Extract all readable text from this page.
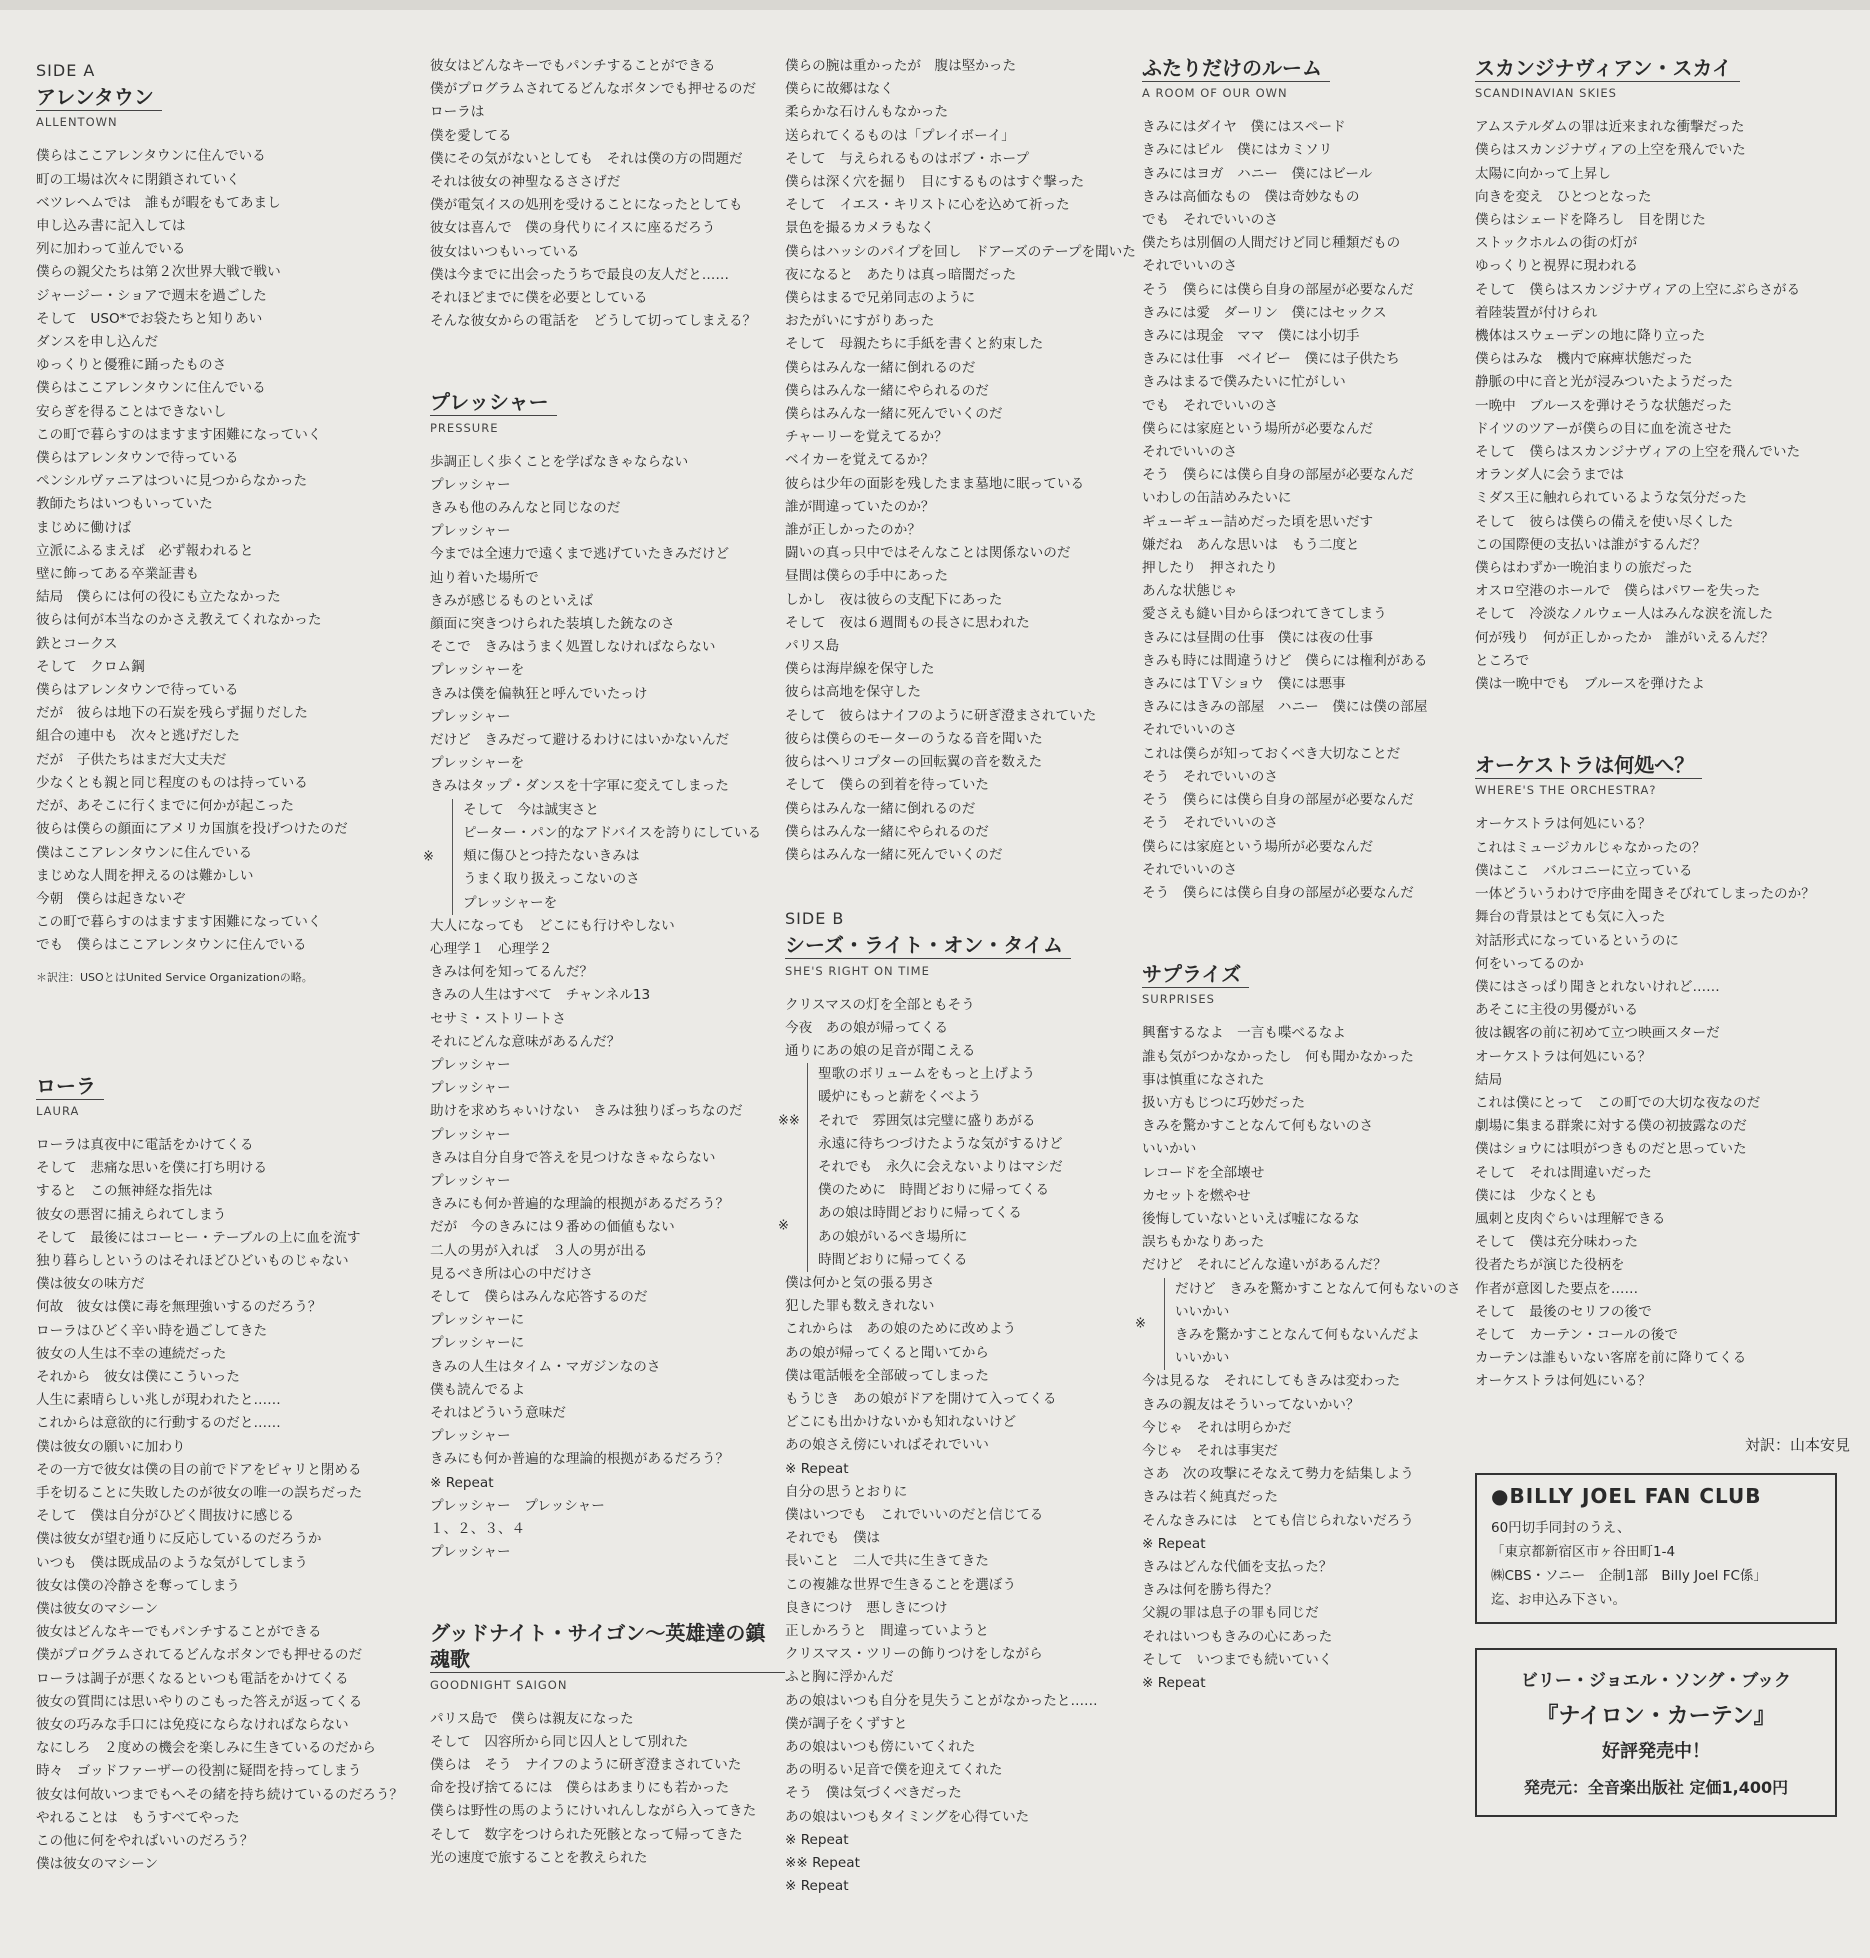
SIDE A
アレンタウン
ALLENTOWN
僕らはここアレンタウンに住んでいる
町の工場は次々に閉鎖されていく
ベツレヘムでは　誰もが暇をもてあまし
申し込み書に記入しては
列に加わって並んでいる
僕らの親父たちは第２次世界大戦で戦い
ジャージー・ショアで週末を過ごした
そして　USO*でお袋たちと知りあい
ダンスを申し込んだ
ゆっくりと優雅に踊ったものさ
僕らはここアレンタウンに住んでいる
安らぎを得ることはできないし
この町で暮らすのはますます困難になっていく
僕らはアレンタウンで待っている
ペンシルヴァニアはついに見つからなかった
教師たちはいつもいっていた
まじめに働けば
立派にふるまえば　必ず報われると
壁に飾ってある卒業証書も
結局　僕らには何の役にも立たなかった
彼らは何が本当なのかさえ教えてくれなかった
鉄とコークス
そして　クロム鋼
僕らはアレンタウンで待っている
だが　彼らは地下の石炭を残らず掘りだした
組合の連中も　次々と逃げだした
だが　子供たちはまだ大丈夫だ
少なくとも親と同じ程度のものは持っている
だが、あそこに行くまでに何かが起こった
彼らは僕らの顔面にアメリカ国旗を投げつけたのだ
僕はここアレンタウンに住んでいる
まじめな人間を押えるのは難かしい
今朝　僕らは起きないぞ
この町で暮らすのはますます困難になっていく
でも　僕らはここアレンタウンに住んでいる
＊訳注：USOとはUnited Service Organizationの略。
ローラ
LAURA
ローラは真夜中に電話をかけてくる
そして　悲痛な思いを僕に打ち明ける
すると　この無神経な指先は
彼女の悪習に捕えられてしまう
そして　最後にはコーヒー・テーブルの上に血を流す
独り暮らしというのはそれほどひどいものじゃない
僕は彼女の味方だ
何故　彼女は僕に毒を無理強いするのだろう？
ローラはひどく辛い時を過ごしてきた
彼女の人生は不幸の連続だった
それから　彼女は僕にこういった
人生に素晴らしい兆しが現われたと……
これからは意欲的に行動するのだと……
僕は彼女の願いに加わり
その一方で彼女は僕の目の前でドアをピャリと閉める
手を切ることに失敗したのが彼女の唯一の誤ちだった
そして　僕は自分がひどく間抜けに感じる
僕は彼女が望む通りに反応しているのだろうか
いつも　僕は既成品のような気がしてしまう
彼女は僕の冷静さを奪ってしまう
僕は彼女のマシーン
彼女はどんなキーでもパンチすることができる
僕がプログラムされてるどんなボタンでも押せるのだ
ローラは調子が悪くなるといつも電話をかけてくる
彼女の質問には思いやりのこもった答えが返ってくる
彼女の巧みな手口には免疫にならなければならない
なにしろ　２度めの機会を楽しみに生きているのだから
時々　ゴッドファーザーの役割に疑問を持ってしまう
彼女は何故いつまでもへその緒を持ち続けているのだろう？
やれることは　もうすべてやった
この他に何をやればいいのだろう？
僕は彼女のマシーン
彼女はどんなキーでもパンチすることができる
僕がプログラムされてるどんなボタンでも押せるのだ
ローラは
僕を愛してる
僕にその気がないとしても　それは僕の方の問題だ
それは彼女の神聖なるささげだ
僕が電気イスの処刑を受けることになったとしても
彼女は喜んで　僕の身代りにイスに座るだろう
彼女はいつもいっている
僕は今までに出会ったうちで最良の友人だと……
それほどまでに僕を必要としている
そんな彼女からの電話を　どうして切ってしまえる？
プレッシャー
PRESSURE
歩調正しく歩くことを学ばなきゃならない
プレッシャー
きみも他のみんなと同じなのだ
プレッシャー
今までは全速力で遠くまで逃げていたきみだけど
辿り着いた場所で
きみが感じるものといえば
顔面に突きつけられた装填した銃なのさ
そこで　きみはうまく処置しなければならない
プレッシャーを
きみは僕を偏執狂と呼んでいたっけ
プレッシャー
だけど　きみだって避けるわけにはいかないんだ
プレッシャーを
きみはタップ・ダンスを十字軍に変えてしまった
※
そして　今は誠実さと
ピーター・パン的なアドバイスを誇りにしている
頬に傷ひとつ持たないきみは
うまく取り扱えっこないのさ
プレッシャーを
大人になっても　どこにも行けやしない
心理学１　心理学２
きみは何を知ってるんだ？
きみの人生はすべて　チャンネル13
セサミ・ストリートさ
それにどんな意味があるんだ？
プレッシャー
プレッシャー
助けを求めちゃいけない　きみは独りぼっちなのだ
プレッシャー
きみは自分自身で答えを見つけなきゃならない
プレッシャー
きみにも何か普遍的な理論的根拠があるだろう？
だが　今のきみには９番めの価値もない
二人の男が入れば　３人の男が出る
見るべき所は心の中だけさ
そして　僕らはみんな応答するのだ
プレッシャーに
プレッシャーに
きみの人生はタイム・マガジンなのさ
僕も読んでるよ
それはどういう意味だ
プレッシャー
きみにも何か普遍的な理論的根拠があるだろう？
※ Repeat
プレッシャー　プレッシャー
１、２、３、４
プレッシャー
グッドナイト・サイゴン〜英雄達の鎮魂歌
GOODNIGHT SAIGON
パリス島で　僕らは親友になった
そして　囚容所から同じ囚人として別れた
僕らは　そう　ナイフのように研ぎ澄まされていた
命を投げ捨てるには　僕らはあまりにも若かった
僕らは野性の馬のようにけいれんしながら入ってきた
そして　数字をつけられた死骸となって帰ってきた
光の速度で旅することを教えられた
僕らの腕は重かったが　腹は堅かった
僕らに故郷はなく
柔らかな石けんもなかった
送られてくるものは「プレイボーイ」
そして　与えられるものはボブ・ホープ
僕らは深く穴を掘り　目にするものはすぐ撃った
そして　イエス・キリストに心を込めて祈った
景色を撮るカメラもなく
僕らはハッシのパイプを回し　ドアーズのテープを聞いた
夜になると　あたりは真っ暗闇だった
僕らはまるで兄弟同志のように
おたがいにすがりあった
そして　母親たちに手紙を書くと約束した
僕らはみんな一緒に倒れるのだ
僕らはみんな一緒にやられるのだ
僕らはみんな一緒に死んでいくのだ
チャーリーを覚えてるか？
ベイカーを覚えてるか？
彼らは少年の面影を残したまま墓地に眠っている
誰が間違っていたのか？
誰が正しかったのか？
闘いの真っ只中ではそんなことは関係ないのだ
昼間は僕らの手中にあった
しかし　夜は彼らの支配下にあった
そして　夜は６週間もの長さに思われた
パリス島
僕らは海岸線を保守した
彼らは高地を保守した
そして　彼らはナイフのように研ぎ澄まされていた
彼らは僕らのモーターのうなる音を聞いた
彼らはヘリコプターの回転翼の音を数えた
そして　僕らの到着を待っていた
僕らはみんな一緒に倒れるのだ
僕らはみんな一緒にやられるのだ
僕らはみんな一緒に死んでいくのだ
SIDE B
シーズ・ライト・オン・タイム
SHE'S RIGHT ON TIME
クリスマスの灯を全部ともそう
今夜　あの娘が帰ってくる
通りにあの娘の足音が聞こえる
※※
聖歌のボリュームをもっと上げよう
暖炉にもっと薪をくべよう
それで　雰囲気は完璧に盛りあがる
永遠に待ちつづけたような気がするけど
それでも　永久に会えないよりはマシだ
※
僕のために　時間どおりに帰ってくる
あの娘は時間どおりに帰ってくる
あの娘がいるべき場所に
時間どおりに帰ってくる
僕は何かと気の張る男さ
犯した罪も数えきれない
これからは　あの娘のために改めよう
あの娘が帰ってくると聞いてから
僕は電話帳を全部破ってしまった
もうじき　あの娘がドアを開けて入ってくる
どこにも出かけないかも知れないけど
あの娘さえ傍にいればそれでいい
※ Repeat
自分の思うとおりに
僕はいつでも　これでいいのだと信じてる
それでも　僕は
長いこと　二人で共に生きてきた
この複雑な世界で生きることを選ぼう
良きにつけ　悪しきにつけ
正しかろうと　間違っていようと
クリスマス・ツリーの飾りつけをしながら
ふと胸に浮かんだ
あの娘はいつも自分を見失うことがなかったと……
僕が調子をくずすと
あの娘はいつも傍にいてくれた
あの明るい足音で僕を迎えてくれた
そう　僕は気づくべきだった
あの娘はいつもタイミングを心得ていた
※ Repeat
※※ Repeat
※ Repeat
ふたりだけのルーム
A ROOM OF OUR OWN
きみにはダイヤ　僕にはスペード
きみにはピル　僕にはカミソリ
きみにはヨガ　ハニー　僕にはビール
きみは高価なもの　僕は奇妙なもの
でも　それでいいのさ
僕たちは別個の人間だけど同じ種類だもの
それでいいのさ
そう　僕らには僕ら自身の部屋が必要なんだ
きみには愛　ダーリン　僕にはセックス
きみには現金　ママ　僕には小切手
きみには仕事　ベイビー　僕には子供たち
きみはまるで僕みたいに忙がしい
でも　それでいいのさ
僕らには家庭という場所が必要なんだ
それでいいのさ
そう　僕らには僕ら自身の部屋が必要なんだ
いわしの缶詰めみたいに
ギューギュー詰めだった頃を思いだす
嫌だね　あんな思いは　もう二度と
押したり　押されたり
あんな状態じゃ
愛さえも縫い目からほつれてきてしまう
きみには昼間の仕事　僕には夜の仕事
きみも時には間違うけど　僕らには権利がある
きみにはＴＶショウ　僕には悪事
きみにはきみの部屋　ハニー　僕には僕の部屋
それでいいのさ
これは僕らが知っておくべき大切なことだ
そう　それでいいのさ
そう　僕らには僕ら自身の部屋が必要なんだ
そう　それでいいのさ
僕らには家庭という場所が必要なんだ
それでいいのさ
そう　僕らには僕ら自身の部屋が必要なんだ
サプライズ
SURPRISES
興奮するなよ　一言も喋べるなよ
誰も気がつかなかったし　何も聞かなかった
事は慎重になされた
扱い方もじつに巧妙だった
きみを驚かすことなんて何もないのさ
いいかい
レコードを全部壊せ
カセットを燃やせ
後悔していないといえば嘘になるな
誤ちもかなりあった
だけど　それにどんな違いがあるんだ？
※
だけど　きみを驚かすことなんて何もないのさ
いいかい
きみを驚かすことなんて何もないんだよ
いいかい
今は見るな　それにしてもきみは変わった
きみの親友はそういってないかい？
今じゃ　それは明らかだ
今じゃ　それは事実だ
さあ　次の攻撃にそなえて勢力を結集しよう
きみは若く純真だった
そんなきみには　とても信じられないだろう
※ Repeat
きみはどんな代価を支払った？
きみは何を勝ち得た？
父親の罪は息子の罪も同じだ
それはいつもきみの心にあった
そして　いつまでも続いていく
※ Repeat
スカンジナヴィアン・スカイ
SCANDINAVIAN SKIES
アムステルダムの罪は近来まれな衝撃だった
僕らはスカンジナヴィアの上空を飛んでいた
太陽に向かって上昇し
向きを変え　ひとつとなった
僕らはシェードを降ろし　目を閉じた
ストックホルムの街の灯が
ゆっくりと視界に現われる
そして　僕らはスカンジナヴィアの上空にぶらさがる
着陸装置が付けられ
機体はスウェーデンの地に降り立った
僕らはみな　機内で麻痺状態だった
静脈の中に音と光が浸みついたようだった
一晩中　ブルースを弾けそうな状態だった
ドイツのツアーが僕らの目に血を流させた
そして　僕らはスカンジナヴィアの上空を飛んでいた
オランダ人に会うまでは
ミダス王に触れられているような気分だった
そして　彼らは僕らの備えを使い尽くした
この国際便の支払いは誰がするんだ？
僕らはわずか一晩泊まりの旅だった
オスロ空港のホールで　僕らはパワーを失った
そして　冷淡なノルウェー人はみんな涙を流した
何が残り　何が正しかったか　誰がいえるんだ？
ところで
僕は一晩中でも　ブルースを弾けたよ
オーケストラは何処へ？
WHERE'S THE ORCHESTRA?
オーケストラは何処にいる？
これはミュージカルじゃなかったの？
僕はここ　バルコニーに立っている
一体どういうわけで序曲を聞きそびれてしまったのか？
舞台の背景はとても気に入った
対話形式になっているというのに
何をいってるのか
僕にはさっぱり聞きとれないけれど……
あそこに主役の男優がいる
彼は観客の前に初めて立つ映画スターだ
オーケストラは何処にいる？
結局
これは僕にとって　この町での大切な夜なのだ
劇場に集まる群衆に対する僕の初披露なのだ
僕はショウには唄がつきものだと思っていた
そして　それは間違いだった
僕には　少なくとも
風刺と皮肉ぐらいは理解できる
そして　僕は充分味わった
役者たちが演じた役柄を
作者が意図した要点を……
そして　最後のセリフの後で
そして　カーテン・コールの後で
カーテンは誰もいない客席を前に降りてくる
オーケストラは何処にいる？
対訳：山本安見
●BILLY JOEL FAN CLUB
60円切手同封のうえ、
「東京都新宿区市ヶ谷田町1-4
㈱CBS・ソニー　企制1部　Billy Joel FC係」
迄、お申込み下さい。
ビリー・ジョエル・ソング・ブック
『ナイロン・カーテン』
好評発売中！
発売元：全音楽出版社 定価1,400円
